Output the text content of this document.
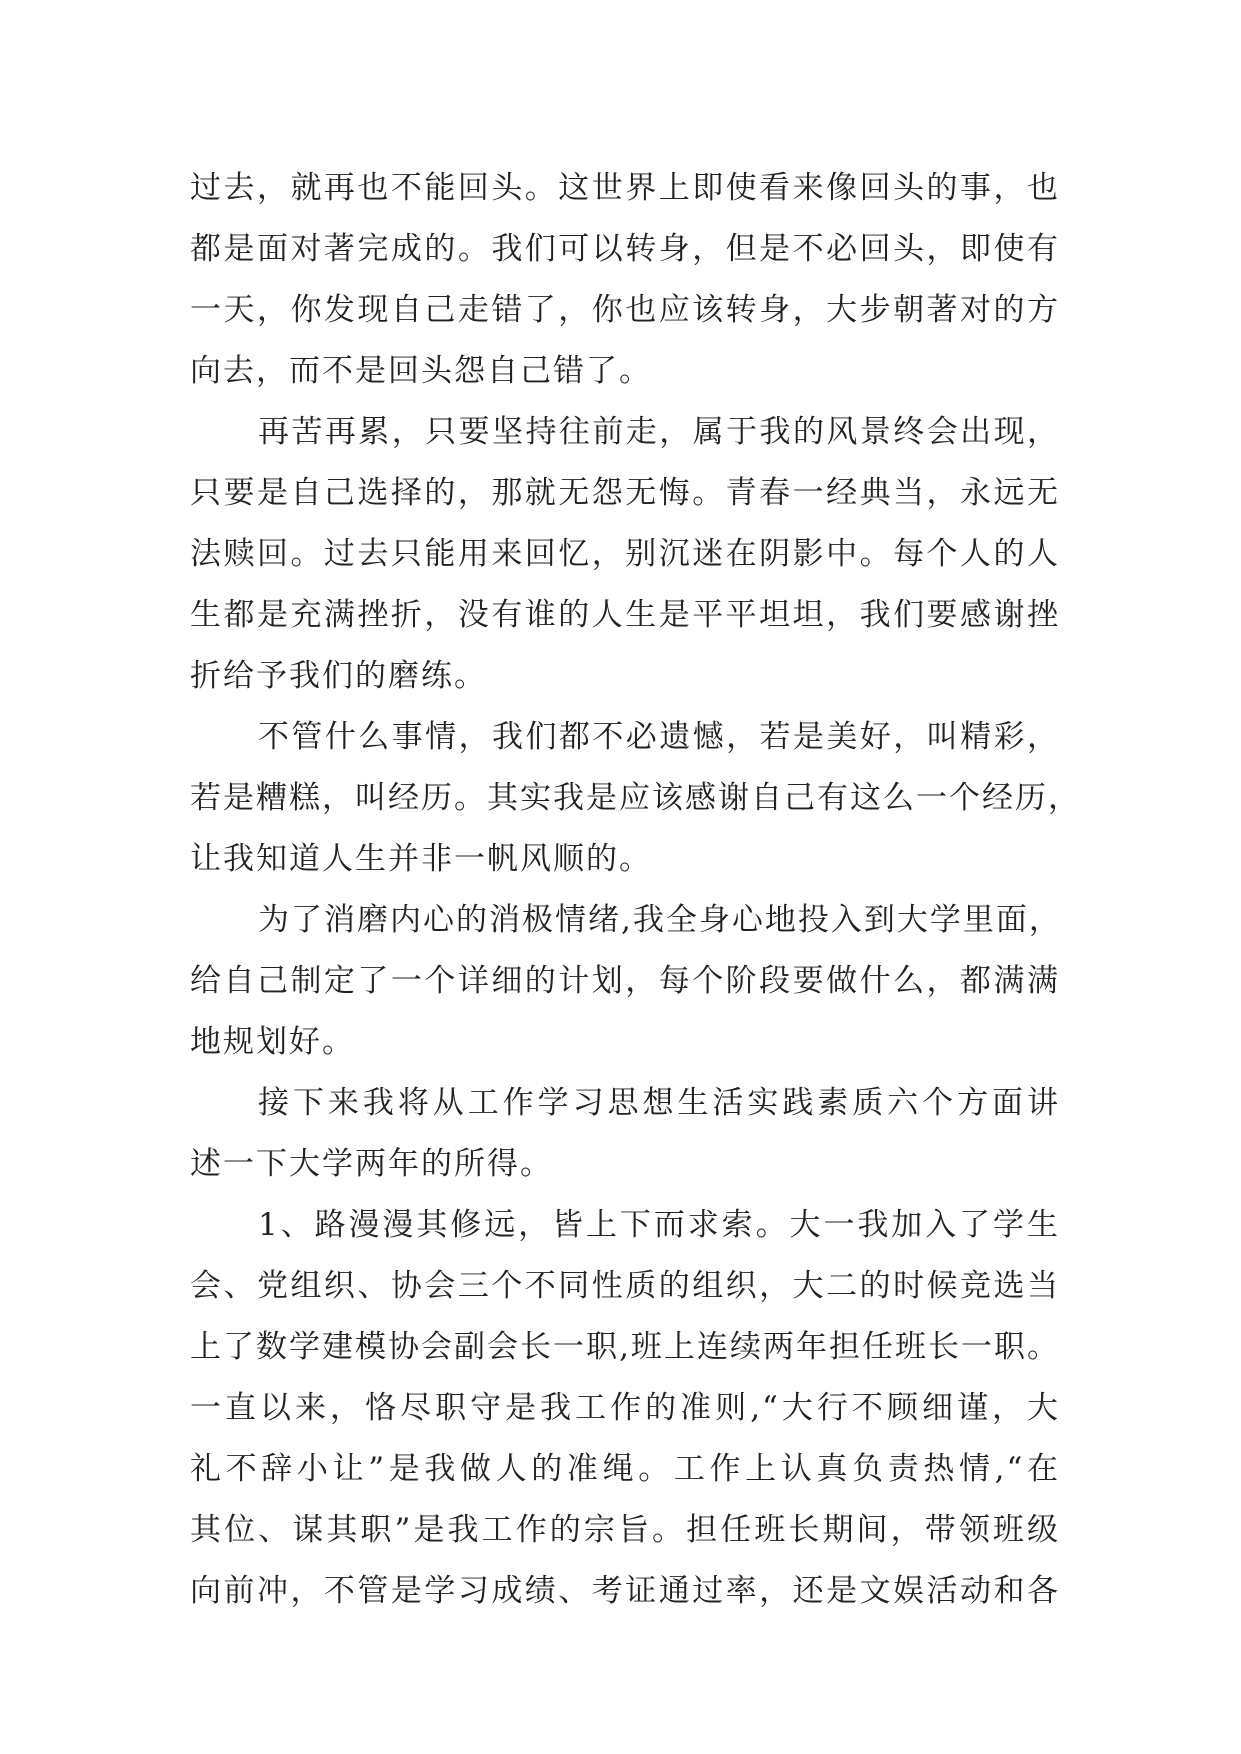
过去，就再也不能回头。这世界上即使看来像回头的事，也
都是面对著完成的。我们可以转身，但是不必回头，即使有
一天，你发现自己走错了，你也应该转身，大步朝著对的方
向去，而不是回头怨自己错了。
再苦再累，只要坚持往前走，属于我的风景终会出现，
只要是自己选择的，那就无怨无悔。青春一经典当，永远无
法赎回。过去只能用来回忆，别沉迷在阴影中。每个人的人
生都是充满挫折，没有谁的人生是平平坦坦，我们要感谢挫
折给予我们的磨练。
不管什么事情，我们都不必遗憾，若是美好，叫精彩，
若是糟糕，叫经历。其实我是应该感谢自己有这么一个经历，
让我知道人生并非一帆风顺的。
为了消磨内心的消极情绪,我全身心地投入到大学里面，
给自己制定了一个详细的计划，每个阶段要做什么，都满满
地规划好。
接下来我将从工作学习思想生活实践素质六个方面讲
述一下大学两年的所得。
1、路漫漫其修远，皆上下而求索。大一我加入了学生
会、党组织、协会三个不同性质的组织，大二的时候竞选当
上了数学建模协会副会长一职,班上连续两年担任班长一职。
一直以来，恪尽职守是我工作的准则,“大行不顾细谨，大
礼不辞小让”是我做人的准绳。工作上认真负责热情,“在
其位、谋其职”是我工作的宗旨。担任班长期间，带领班级
向前冲，不管是学习成绩、考证通过率，还是文娱活动和各
